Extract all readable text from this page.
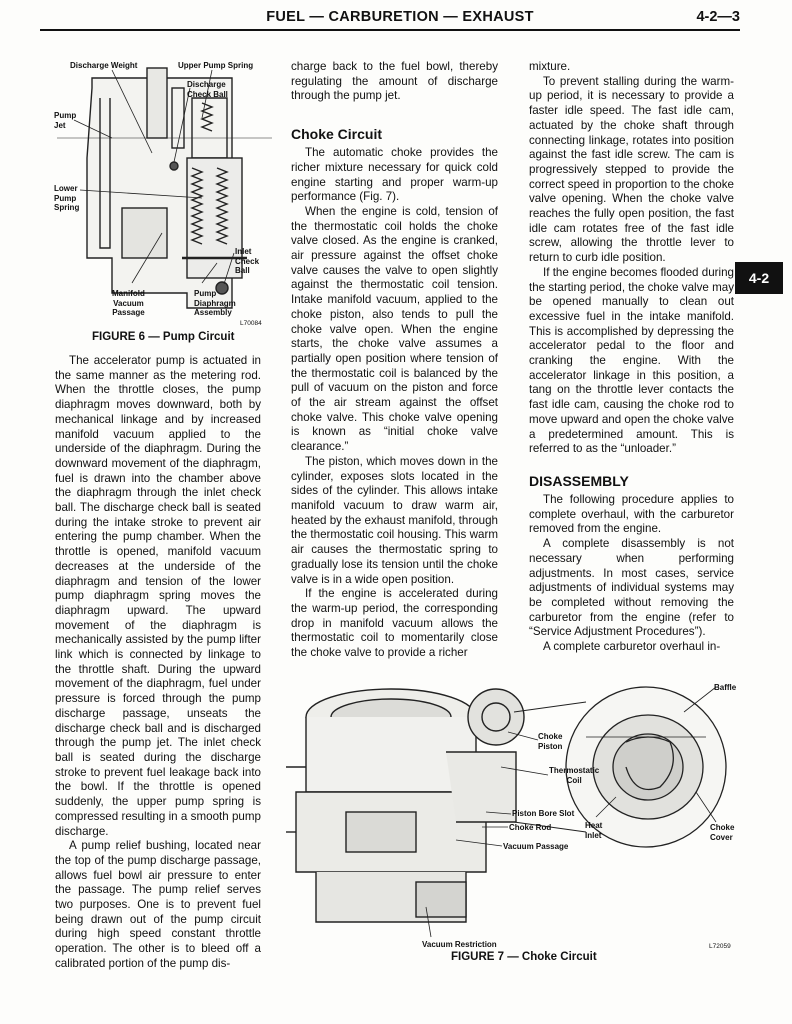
FUEL — CARBURETION — EXHAUST	4-2—3
4-2
Discharge Weight	Upper Pump Spring
Discharge
Check Ball
Pump
Jet
Lower
Pump
Spring
Inlet
Check
Ball
Manifold
Vacuum
Passage
Pump
Diaphragm
Assembly
L70084
FIGURE 6 — Pump Circuit

The accelerator pump is actuated in the same manner as the metering rod. When the throttle closes, the pump diaphragm moves downward, both by mechanical linkage and by increased manifold vacuum applied to the underside of the diaphragm. During the downward movement of the diaphragm, fuel is drawn into the chamber above the diaphragm through the inlet check ball. The discharge check ball is seated during the intake stroke to prevent air entering the pump chamber. When the throttle is opened, manifold vacuum decreases at the underside of the diaphragm and tension of the lower pump diaphragm spring moves the diaphragm upward. The upward movement of the diaphragm is mechanically assisted by the pump lifter link which is connected by linkage to the throttle shaft. During the upward movement of the diaphragm, fuel under pressure is forced through the pump discharge passage, unseats the discharge check ball and is discharged through the pump jet. The inlet check ball is seated during the discharge stroke to prevent fuel leakage back into the bowl. If the throttle is opened suddenly, the upper pump spring is compressed resulting in a smooth pump discharge.

A pump relief bushing, located near the top of the pump discharge passage, allows fuel bowl air pressure to enter the passage. The pump relief serves two purposes. One is to prevent fuel being drawn out of the pump circuit during high speed constant throttle operation. The other is to bleed off a calibrated portion of the pump dis-

charge back to the fuel bowl, thereby regulating the amount of discharge through the pump jet.

Choke Circuit

The automatic choke provides the richer mixture necessary for quick cold engine starting and proper warm-up performance (Fig. 7).

When the engine is cold, tension of the thermostatic coil holds the choke valve closed. As the engine is cranked, air pressure against the offset choke valve causes the valve to open slightly against the thermostatic coil tension. Intake manifold vacuum, applied to the choke piston, also tends to pull the choke valve open. When the engine starts, the choke valve assumes a partially open position where tension of the thermostatic coil is balanced by the pull of vacuum on the piston and force of the air stream against the offset choke valve. This choke valve opening is known as “initial choke valve clearance.”

The piston, which moves down in the cylinder, exposes slots located in the sides of the cylinder. This allows intake manifold vacuum to draw warm air, heated by the exhaust manifold, through the thermostatic coil housing. This warm air causes the thermostatic spring to gradually lose its tension until the choke valve is in a wide open position.

If the engine is accelerated during the warm-up period, the corresponding drop in manifold vacuum allows the thermostatic coil to momentarily close the choke valve to provide a richer

mixture.

To prevent stalling during the warm-up period, it is necessary to provide a faster idle speed. The fast idle cam, actuated by the choke shaft through connecting linkage, rotates into position against the fast idle screw. The cam is progressively stepped to provide the correct speed in proportion to the choke valve opening. When the choke valve reaches the fully open position, the fast idle cam rotates free of the fast idle screw, allowing the throttle lever to return to curb idle position.

If the engine becomes flooded during the starting period, the choke valve may be opened manually to clean out excessive fuel in the intake manifold. This is accomplished by depressing the accelerator pedal to the floor and cranking the engine. With the accelerator linkage in this position, a tang on the throttle lever contacts the fast idle cam, causing the choke rod to move upward and open the choke valve a predetermined amount. This is referred to as the “unloader.”

DISASSEMBLY

The following procedure applies to complete overhaul, with the carburetor removed from the engine.

A complete disassembly is not necessary when performing adjustments. In most cases, service adjustments of individual systems may be completed without removing the carburetor from the engine (refer to “Service Adjustment Procedures”).

A complete carburetor overhaul in-

Baffle
Choke
Piston
Thermostatic
Coil
Piston Bore Slot
Choke Rod	Heat
Inlet
Choke
Cover
Vacuum Passage
Vacuum Restriction	L72059
FIGURE 7 — Choke Circuit
